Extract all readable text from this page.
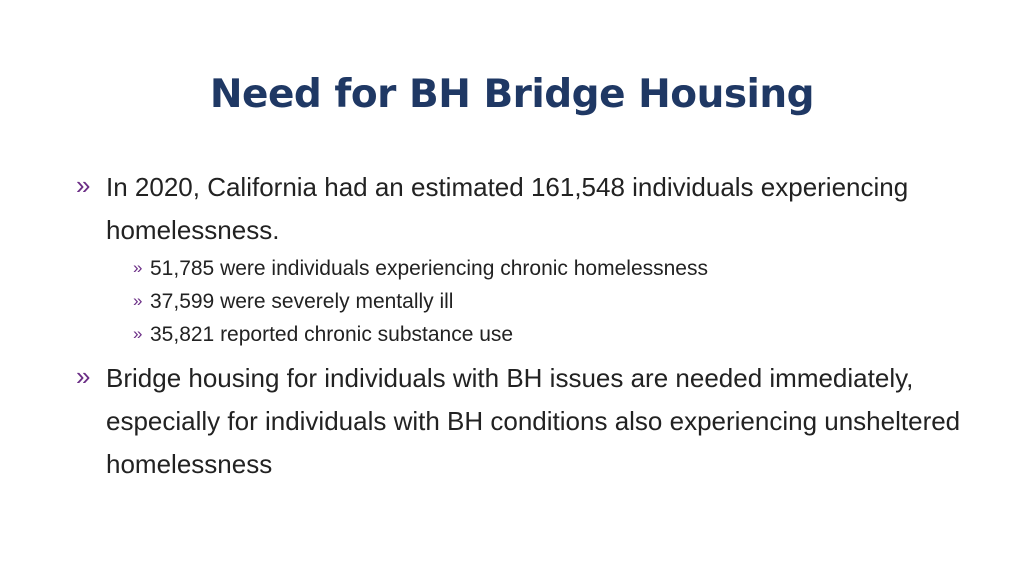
Need for BH Bridge Housing
» In 2020, California had an estimated 161,548 individuals experiencing homelessness.
» 51,785 were individuals experiencing chronic homelessness
» 37,599 were severely mentally ill
» 35,821 reported chronic substance use
» Bridge housing for individuals with BH issues are needed immediately, especially for individuals with BH conditions also experiencing unsheltered homelessness
